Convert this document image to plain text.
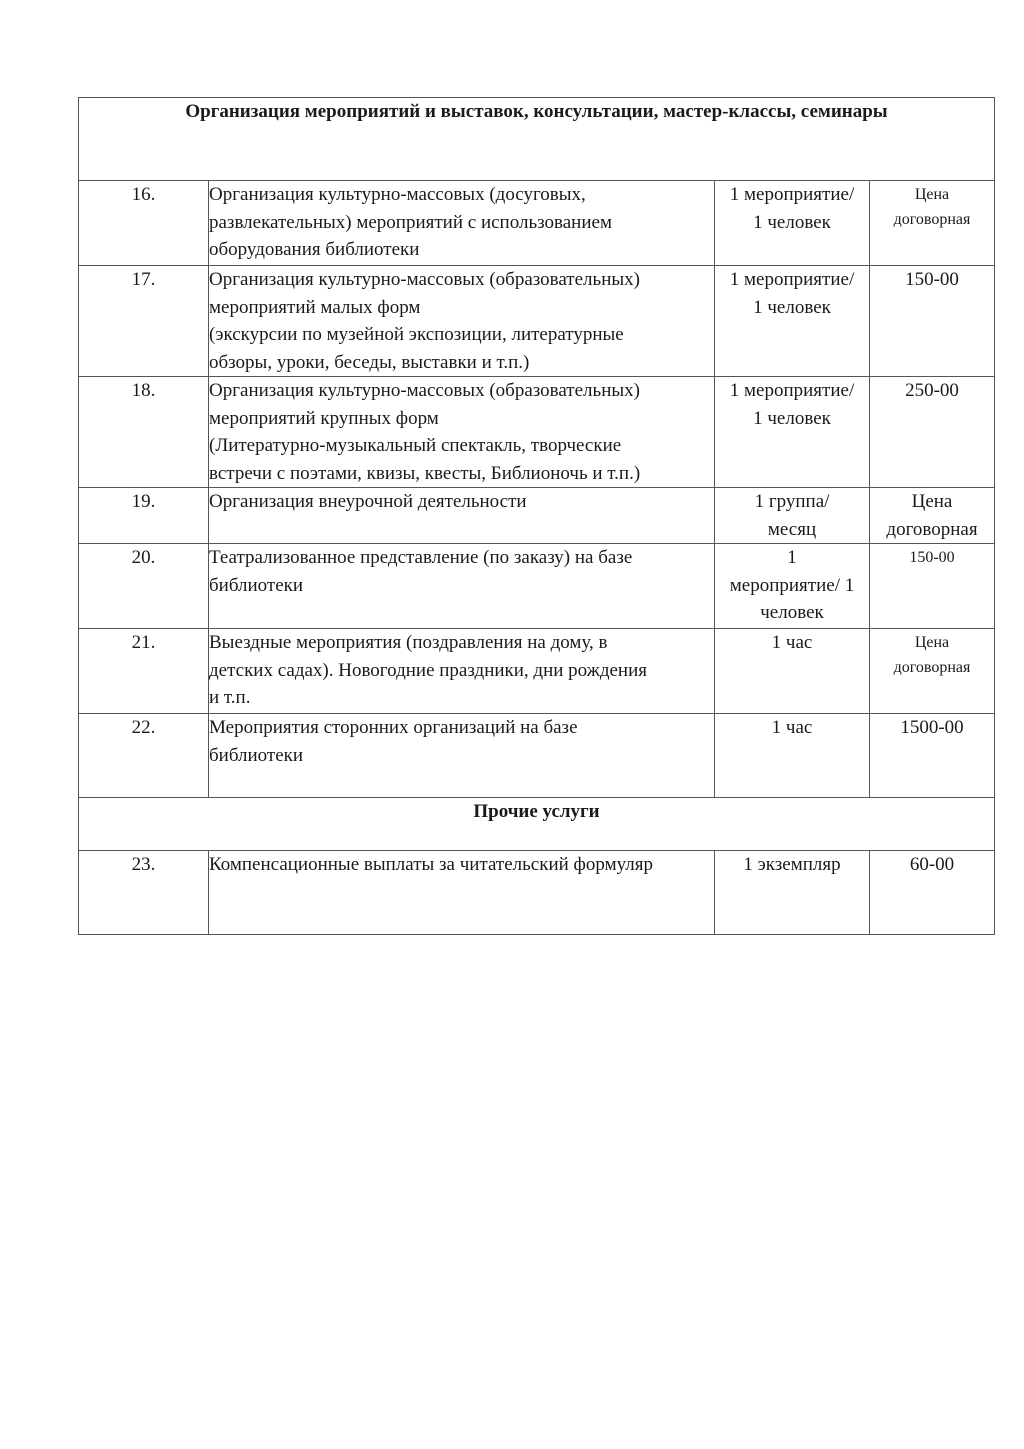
Организация мероприятий и выставок, консультации, мастер-классы, семинары			
16.	Организация культурно-массовых (досуговых,
развлекательных) мероприятий с использованием
оборудования библиотеки	1 мероприятие/
1 человек	Цена
договорная

17.	Организация культурно-массовых (образовательных)
мероприятий малых форм
(экскурсии по музейной экспозиции, литературные
обзоры, уроки, беседы, выставки и т.п.)	1 мероприятие/
1 человек	150-00

18.	Организация культурно-массовых (образовательных)
мероприятий крупных форм
(Литературно-музыкальный спектакль, творческие
встречи с поэтами, квизы, квесты, Библионочь и т.п.)	1 мероприятие/
1 человек	250-00

19.	Организация внеурочной деятельности	1 группа/
месяц	Цена
договорная

20.	Театрализованное представление (по заказу) на базе
библиотеки	1
мероприятие/ 1
человек	150-00

21.	Выездные мероприятия (поздравления на дому, в
детских садах). Новогодние праздники, дни рождения
и т.п.	1 час	Цена
договорная

22.	Мероприятия сторонних организаций на базе
библиотеки	1 час	1500-00

Прочие услуги			
23.	Компенсационные выплаты за читательский формуляр	1 экземпляр	60-00
